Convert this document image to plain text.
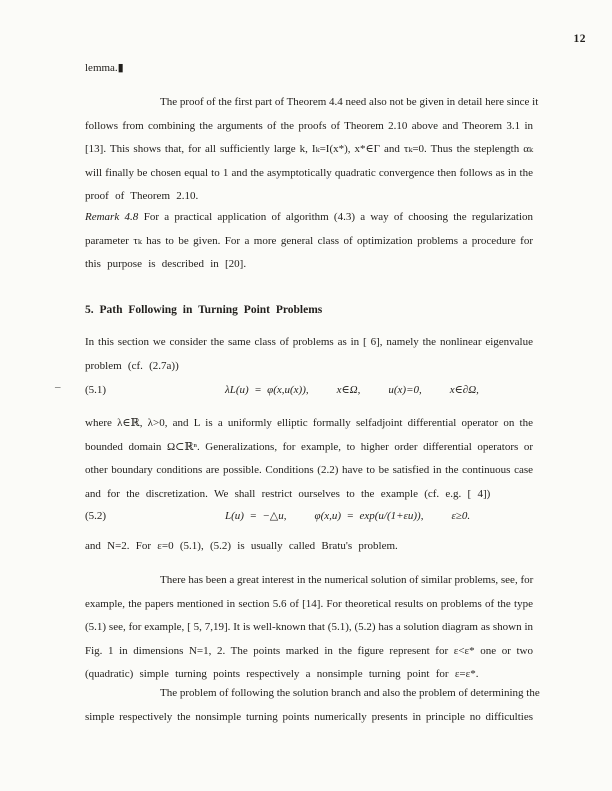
12
–
lemma.▮
The proof of the first part of Theorem 4.4 need also not be given in detail here since it
follows from combining the arguments of the proofs of Theorem 2.10 above and Theorem 3.1 in
[13]. This shows that, for all sufficiently large k, Iₖ=I(x*), x*∈Γ and τₖ=0. Thus the steplength αₖ
will finally be chosen equal to 1 and the asymptotically quadratic convergence then follows as in the
proof of Theorem 2.10.
Remark 4.8 For a practical application of algorithm (4.3) a way of choosing the regularization
parameter τₖ has to be given. For a more general class of optimization problems a procedure for
this purpose is described in [20].
5. Path Following in Turning Point Problems
In this section we consider the same class of problems as in [ 6], namely the nonlinear eigenvalue
problem (cf. (2.7a))
(5.1)	λL(u) = φ(x,u(x)),	x∈Ω,	u(x)=0,	x∈∂Ω,
where λ∈ℝ, λ>0, and L is a uniformly elliptic formally selfadjoint differential operator on the
bounded domain Ω⊂ℝⁿ. Generalizations, for example, to higher order differential operators or
other boundary conditions are possible. Conditions (2.2) have to be satisfied in the continuous case
and for the discretization. We shall restrict ourselves to the example (cf. e.g. [ 4])
(5.2)	L(u) = −△u,	φ(x,u) = exp(u/(1+εu)),	ε≥0.
and N=2. For ε=0 (5.1), (5.2) is usually called Bratu's problem.
There has been a great interest in the numerical solution of similar problems, see, for
example, the papers mentioned in section 5.6 of [14]. For theoretical results on problems of the type
(5.1) see, for example, [ 5, 7,19]. It is well-known that (5.1), (5.2) has a solution diagram as shown in
Fig. 1 in dimensions N=1, 2. The points marked in the figure represent for ε<ε* one or two
(quadratic) simple turning points respectively a nonsimple turning point for ε=ε*.
The problem of following the solution branch and also the problem of determining the
simple respectively the nonsimple turning points numerically presents in principle no difficulties
